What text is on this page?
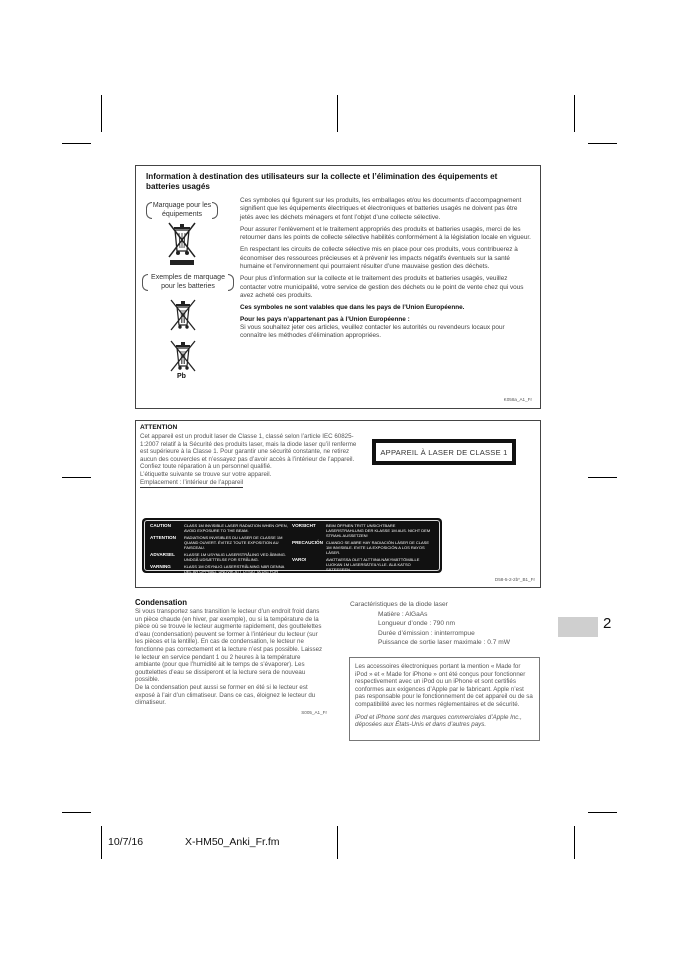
Information à destination des utilisateurs sur la collecte et l’élimination des équipements et batteries usagés
Marquage pour les équipements
Exemples de marquage pour les batteries
Pb

Ces symboles qui figurent sur les produits, les emballages et/ou les documents d’accompagnement signifient que les équipements électriques et électroniques et batteries usagés ne doivent pas être jetés avec les déchets ménagers et font l’objet d’une collecte sélective.

Pour assurer l’enlèvement et le traitement appropriés des produits et batteries usagés, merci de les retourner dans les points de collecte sélective habilités conformément à la législation locale en vigueur.

En respectant les circuits de collecte sélective mis en place pour ces produits, vous contribuerez à économiser des ressources précieuses et à prévenir les impacts négatifs éventuels sur la santé humaine et l’environnement qui pourraient résulter d’une mauvaise gestion des déchets.

Pour plus d’information sur la collecte et le traitement des produits et batteries usagés, veuillez contacter votre municipalité, votre service de gestion des déchets ou le point de vente chez qui vous avez acheté ces produits.

Ces symboles ne sont valables que dans les pays de l’Union Européenne.

Pour les pays n’appartenant pas à l’Union Européenne :

Si vous souhaitez jeter ces articles, veuillez contacter les autorités ou revendeurs locaux pour connaître les méthodes d’élimination appropriées.

K058a_A1_Fr
ATTENTION

Cet appareil est un produit laser de Classe 1, classé selon l’article IEC 60825-1:2007 relatif à la Sécurité des produits laser, mais la diode laser qu’il renferme est supérieure à la Classe 1. Pour garantir une sécurité constante, ne retirez aucun des couvercles et n’essayez pas d’avoir accès à l’intérieur de l’appareil. Confiez toute réparation à un personnel qualifié.

L’étiquette suivante se trouve sur votre appareil.

Emplacement : l’intérieur de l’appareil

APPAREIL À LASER DE CLASSE 1
CAUTION	CLASS 1M INVISIBLE LASER RADIATION WHEN OPEN, AVOID EXPOSURE TO THE BEAM.
ATTENTION	RADIATIONS INVISIBLES DU LASER DE CLASSE 1M QUAND OUVERT. ÉVITEZ TOUTE EXPOSITION AU FAISCEAU.
ADVARSEL	KLASSE 1M USYNLIG LASERSTRÅLING VED ÅBNING. UNDGÅ UDSÆTTELSE FOR STRÅLING.
VARNING	KLASS 1M OSYNLIG LASERSTRÅLNING NÄR DENNA DEL ÄR ÖPPNAD. UNDVIK ATT UTSÄTTA DIG FÖR STRÅLEN.
VORSICHT	BEIM ÖFFNEN TRITT UNSICHTBARE LASERSTRAHLUNG DER KLASSE 1M AUS. NICHT DEM STRAHL AUSSETZEN!
PRECAUCIÓN CUANDO SE ABRE HAY RADIACIÓN LÁSER DE CLASE 1M INVISIBLE. EVITE LA EXPOSICIÓN A LOS RAYOS LÁSER.
VARO!	AVATTAESSA OLET ALTTIINA NÄKYMÄTTÖMÄLLE LUOKAN 1M LASERSÄTEILYLLE. ÄLÄ KATSO SÄTEESEEN.
D58-5-2-2b*_B1_Fr
Condensation

Si vous transportez sans transition le lecteur d’un endroit froid dans un pièce chaude (en hiver, par exemple), ou si la température de la pièce où se trouve le lecteur augmente rapidement, des gouttelettes d’eau (condensation) peuvent se former à l’intérieur du lecteur (sur les pièces et la lentille). En cas de condensation, le lecteur ne fonctionne pas correctement et la lecture n’est pas possible. Laissez le lecteur en service pendant 1 ou 2 heures à la température ambiante (pour que l’humidité ait le temps de s’évaporer). Les gouttelettes d’eau se dissiperont et la lecture sera de nouveau possible.

De la condensation peut aussi se former en été si le lecteur est exposé à l’air d’un climatiseur. Dans ce cas, éloignez le lecteur du climatiseur.

S005_A1_Fr
Caractéristiques de la diode laser
Matière : AlGaAs
Longueur d’onde : 790 nm
Durée d’émission : ininterrompue
Puissance de sortie laser maximale : 0.7 mW

Les accessoires électroniques portant la mention « Made for iPod » et « Made for iPhone » ont été conçus pour fonctionner respectivement avec un iPod ou un iPhone et sont certifiés conformes aux exigences d’Apple par le fabricant. Apple n’est pas responsable pour le fonctionnement de cet appareil ou de sa compatibilité avec les normes réglementaires et de sécurité.

iPod et iPhone sont des marques commerciales d’Apple Inc., déposées aux États-Unis et dans d’autres pays.

2
10/7/16	X-HM50_Anki_Fr.fm
